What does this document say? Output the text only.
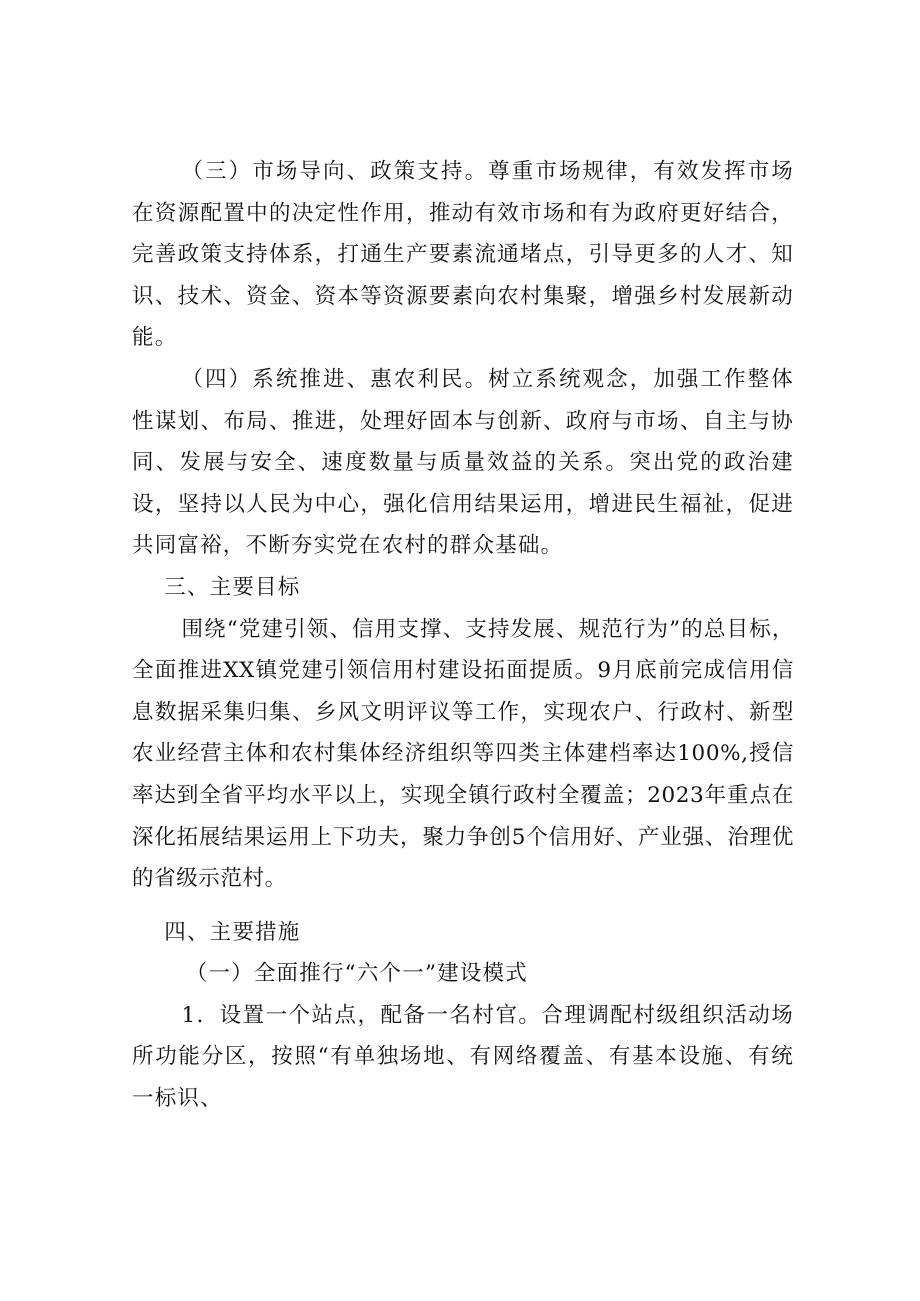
（三）市场导向、政策支持。尊重市场规律，有效发挥市场在资源配置中的决定性作用，推动有效市场和有为政府更好结合，完善政策支持体系，打通生产要素流通堵点，引导更多的人才、知识、技术、资金、资本等资源要素向农村集聚，增强乡村发展新动能。

（四）系统推进、惠农利民。树立系统观念，加强工作整体性谋划、布局、推进，处理好固本与创新、政府与市场、自主与协同、发展与安全、速度数量与质量效益的关系。突出党的政治建设，坚持以人民为中心，强化信用结果运用，增进民生福祉，促进共同富裕，不断夯实党在农村的群众基础。

三、主要目标

围绕“党建引领、信用支撑、支持发展、规范行为”的总目标，全面推进XX镇党建引领信用村建设拓面提质。9月底前完成信用信息数据采集归集、乡风文明评议等工作，实现农户、行政村、新型农业经营主体和农村集体经济组织等四类主体建档率达100%,授信率达到全省平均水平以上，实现全镇行政村全覆盖；2023年重点在深化拓展结果运用上下功夫，聚力争创5个信用好、产业强、治理优的省级示范村。

四、主要措施

（一）全面推行“六个一”建设模式

1．设置一个站点，配备一名村官。合理调配村级组织活动场所功能分区，按照“有单独场地、有网络覆盖、有基本设施、有统一标识、
